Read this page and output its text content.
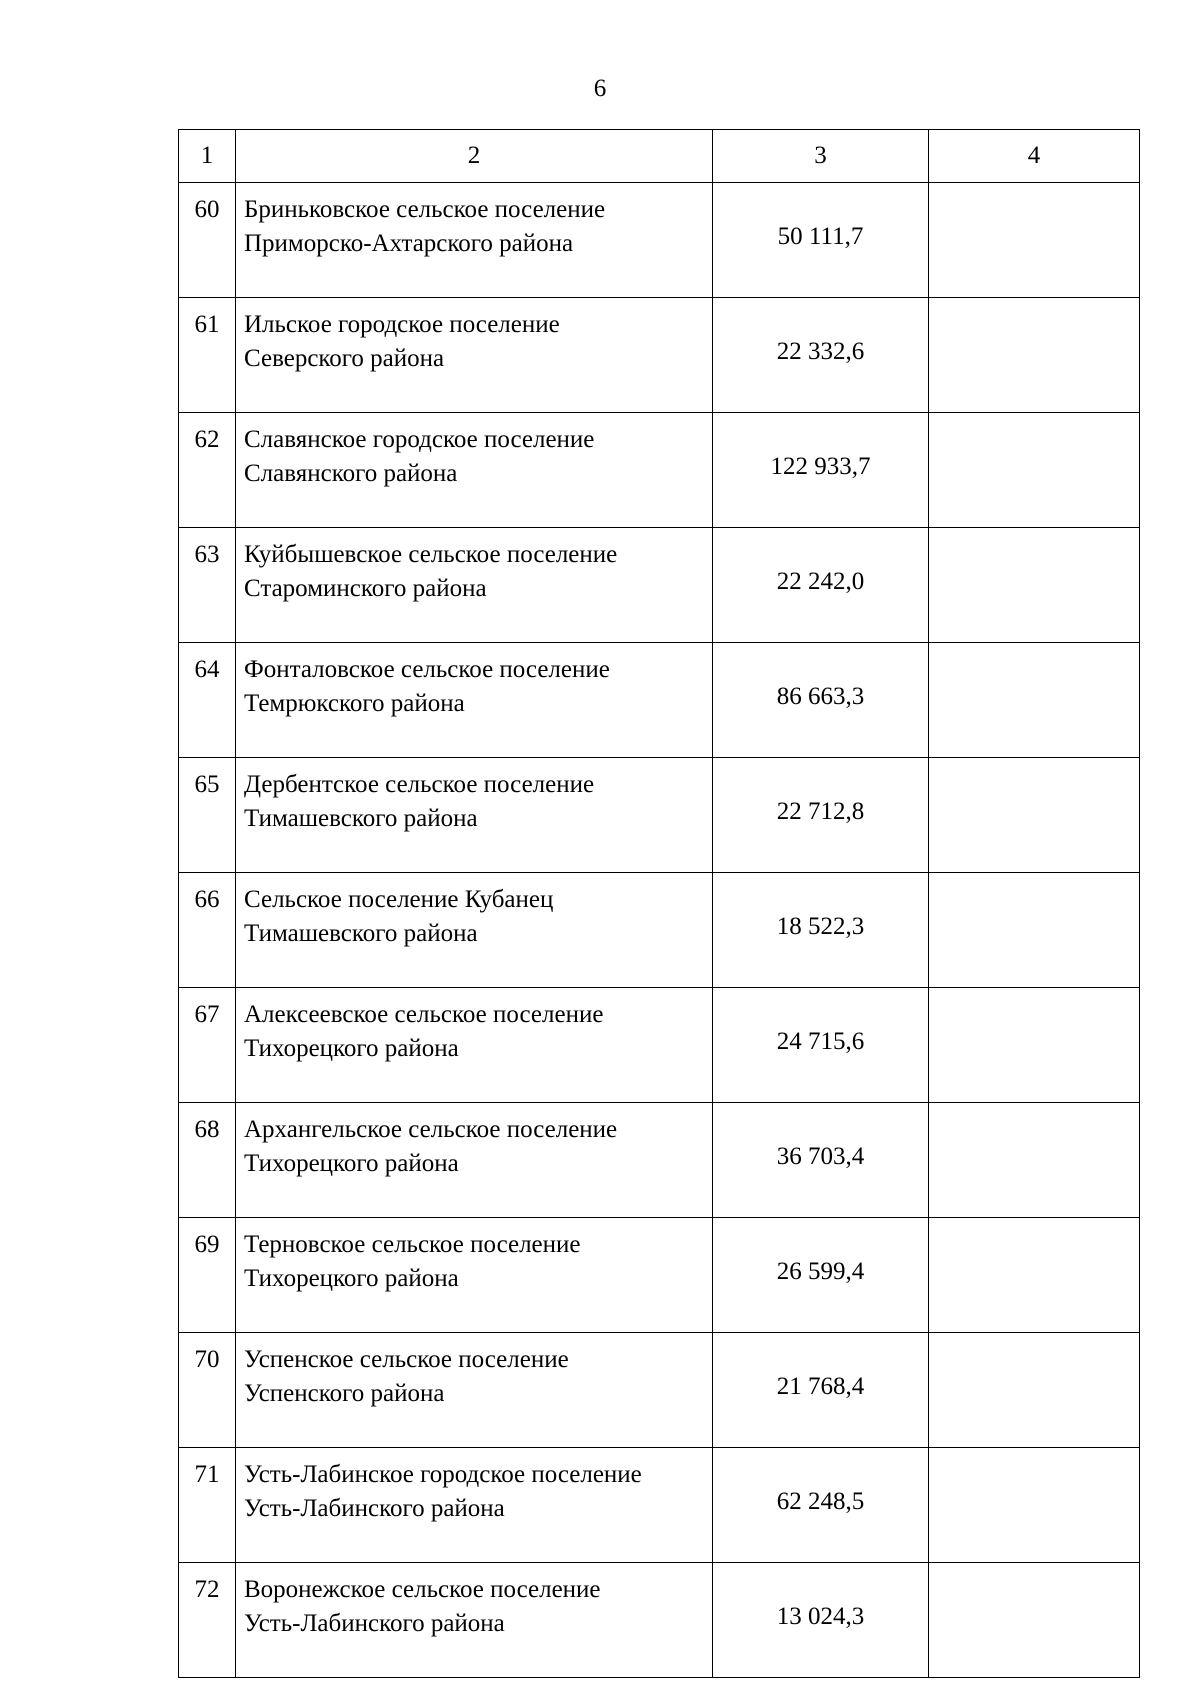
6
1	2	3	4
60	Бриньковское сельское поселение
Приморско-Ахтарского района	50 111,7	
61	Ильское городское поселение
Северского района	22 332,6	
62	Славянское городское поселение
Славянского района	122 933,7	
63	Куйбышевское сельское поселение
Староминского района	22 242,0	
64	Фонталовское сельское поселение
Темрюкского района	86 663,3	
65	Дербентское сельское поселение
Тимашевского района	22 712,8	
66	Сельское поселение Кубанец
Тимашевского района	18 522,3	
67	Алексеевское сельское поселение
Тихорецкого района	24 715,6	
68	Архангельское сельское поселение
Тихорецкого района	36 703,4	
69	Терновское сельское поселение
Тихорецкого района	26 599,4	
70	Успенское сельское поселение
Успенского района	21 768,4	
71	Усть-Лабинское городское поселение
Усть-Лабинского района	62 248,5	
72	Воронежское сельское поселение
Усть-Лабинского района	13 024,3	
